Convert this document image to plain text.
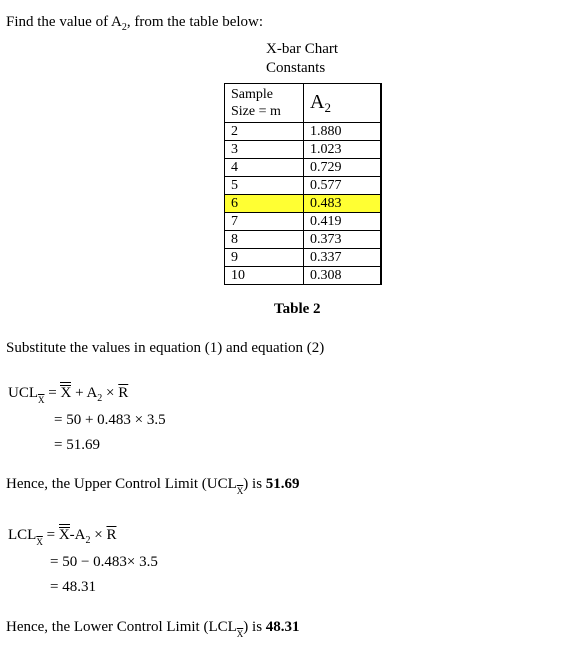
Find the value of $A_2$, from the table below:
X-bar Chart
Constants
Sample
Size = m	$A_2$
2	1.880
3	1.023
4	0.729
5	0.577
6	0.483
7	0.419
8	0.373
9	0.337
10	0.308
Table 2
Substitute the values in equation (1) and equation (2)
$UCL_{\overline{X}} = X + A_2 \times \overline{R}$
= 50 + 0.483 × 3.5
= 51.69
Hence, the Upper Control Limit $(UCL_{\overline{X}})$ is 51.69
$LCL_{\overline{X}} = X-A_2 \times \overline{R}$
= 50 − 0.483× 3.5
= 48.31
Hence, the Lower Control Limit $(LCL_{\overline{X}})$ is 48.31
